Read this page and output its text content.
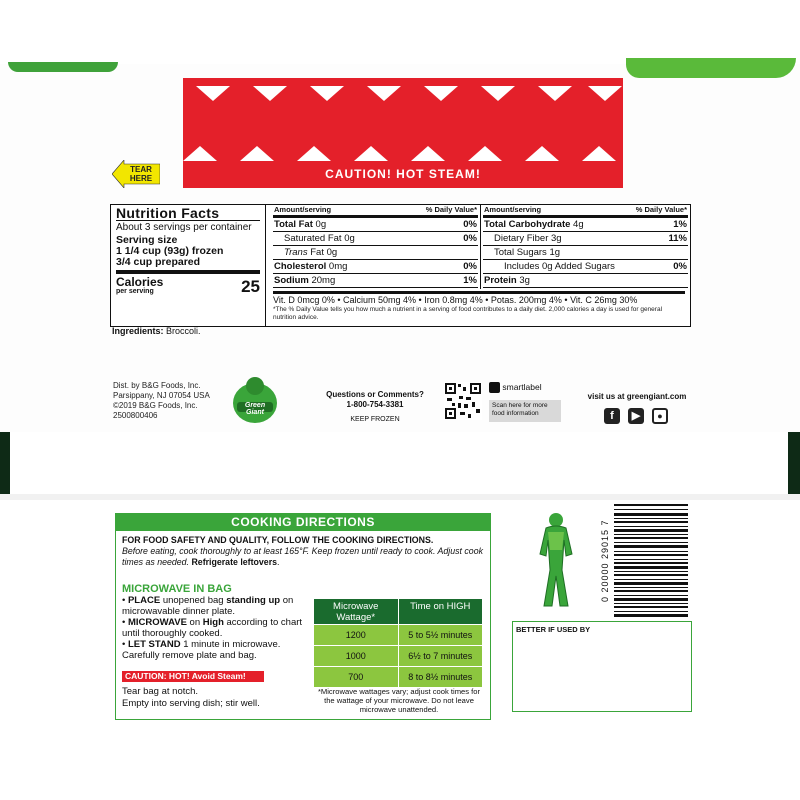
CAUTION! HOT STEAM!
TEAR HERE
Nutrition Facts
About 3 servings per container
Serving size
1 1/4 cup (93g) frozen
3/4 cup prepared
Calories
per serving	25
Amount/serving	% Daily Value*
Total Fat 0g	0%
Saturated Fat 0g	0%
Trans Fat 0g
Cholesterol 0mg	0%
Sodium 20mg	1%
Amount/serving	% Daily Value*
Total Carbohydrate 4g	1%
Dietary Fiber 3g	11%
Total Sugars 1g
Includes 0g Added Sugars	0%
Protein 3g
Vit. D 0mcg 0% • Calcium 50mg 4% • Iron 0.8mg 4% • Potas. 200mg 4% • Vit. C 26mg 30%
*The % Daily Value tells you how much a nutrient in a serving of food contributes to a daily diet. 2,000 calories a day is used for general nutrition advice.
Ingredients: Broccoli.
Dist. by B&G Foods, Inc.
Parsippany, NJ 07054 USA
©2019 B&G Foods, Inc.
2500800406
Green Giant
Questions or Comments?
1-800-754-3381
KEEP FROZEN
smartlabel
Scan here for more food information
visit us at greengiant.com
f	▶	●
COOKING DIRECTIONS
FOR FOOD SAFETY AND QUALITY, FOLLOW THE COOKING DIRECTIONS.
Before eating, cook thoroughly to at least 165°F. Keep frozen until ready to cook. Adjust cook times as needed. Refrigerate leftovers.
MICROWAVE IN BAG
• PLACE unopened bag standing up on microwavable dinner plate.
• MICROWAVE on High according to chart until thoroughly cooked.
• LET STAND 1 minute in microwave. Carefully remove plate and bag.
CAUTION: HOT! Avoid Steam!
Tear bag at notch.
Empty into serving dish; stir well.
Microwave Wattage*
Time on HIGH
1200	5 to 5½ minutes
1000	6½ to 7 minutes
700	8 to 8½ minutes
*Microwave wattages vary; adjust cook times for the wattage of your microwave. Do not leave microwave unattended.
0 20000 29015 7
BETTER IF USED BY
